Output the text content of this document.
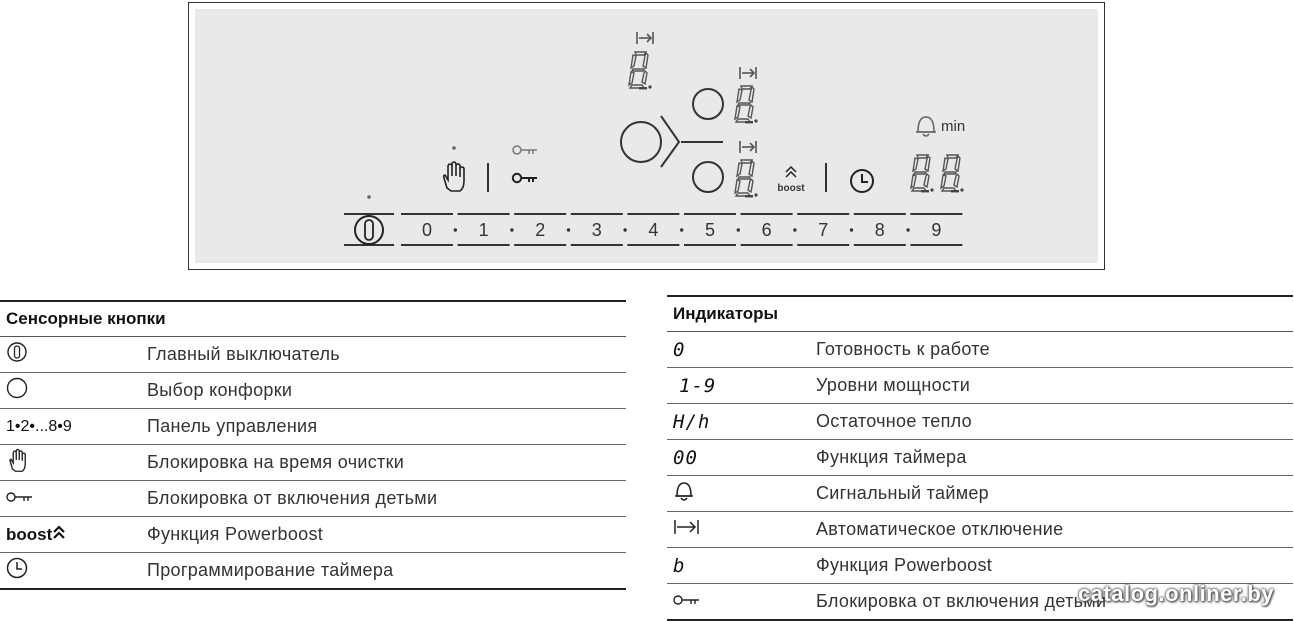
boost
min
0	1	2	3	4	5	6	7	8	9
Сенсорные кнопки	
	Главный выключатель
	Выбор конфорки
1•2•...8•9	Панель управления
	Блокировка на время очистки
	Блокировка от включения детьми
boost	Функция Powerboost
	Программирование таймера
Индикаторы	
0	Готовность к работе
1-9	Уровни мощности
H/h	Остаточное тепло
00	Функция таймера
	Сигнальный таймер
	Автоматическое отключение
b	Функция Powerboost
	Блокировка от включения детьми
catalog.onliner.by
